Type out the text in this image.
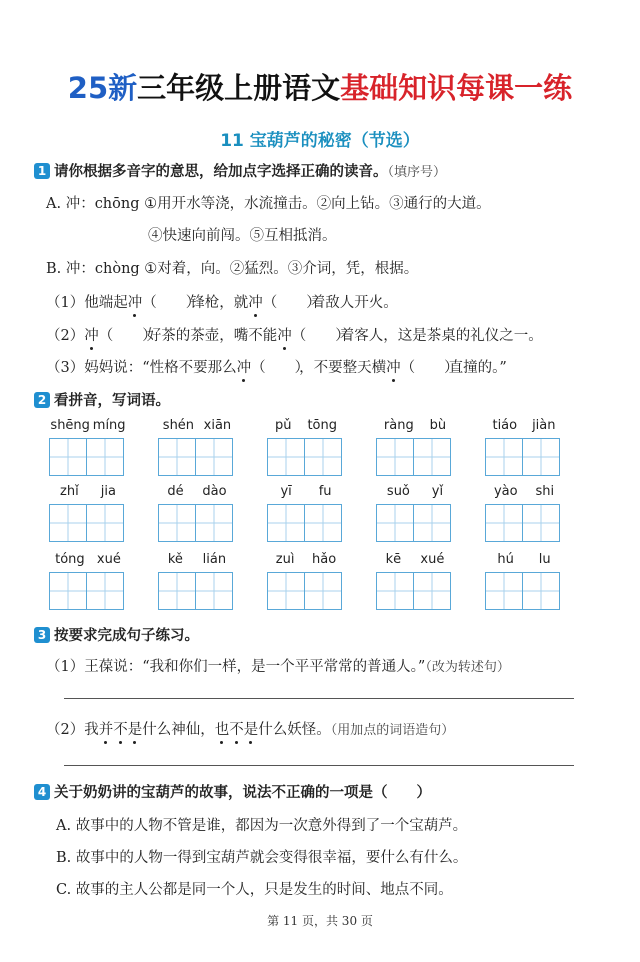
25新三年级上册语文基础知识每课一练
11 宝葫芦的秘密（节选）
1 请你根据多音字的意思，给加点字选择正确的读音。（填序号）
A. 冲：chōng ①用开水等浇，水流撞击。②向上钻。③通行的大道。
④快速向前闯。⑤互相抵消。
B. 冲：chòng ①对着，向。②猛烈。③介词，凭，根据。
（1）他端起冲（　　）锋枪，就冲（　　）着敌人开火。
（2）冲（　　）好茶的茶壶，嘴不能冲（　　）着客人，这是茶桌的礼仪之一。
（3）妈妈说：“性格不要那么冲（　　），不要整天横冲（　　）直撞的。”
2 看拼音，写词语。
shēng míng	shén xiān	pǔ tōng	ràng bù	tiáo jiàn
zhǐ jia	dé dào	yī fu	suǒ yǐ	yào shi
tóng xué	kě lián	zuì hǎo	kē xué	hú lu
3 按要求完成句子练习。
（1）王葆说：“我和你们一样，是一个平平常常的普通人。”（改为转述句）
（2）我并不是什么神仙，也不是什么妖怪。（用加点的词语造句）
4 关于奶奶讲的宝葫芦的故事，说法不正确的一项是（　　）
A. 故事中的人物不管是谁，都因为一次意外得到了一个宝葫芦。
B. 故事中的人物一得到宝葫芦就会变得很幸福，要什么有什么。
C. 故事的主人公都是同一个人，只是发生的时间、地点不同。
第 11 页，共 30 页
